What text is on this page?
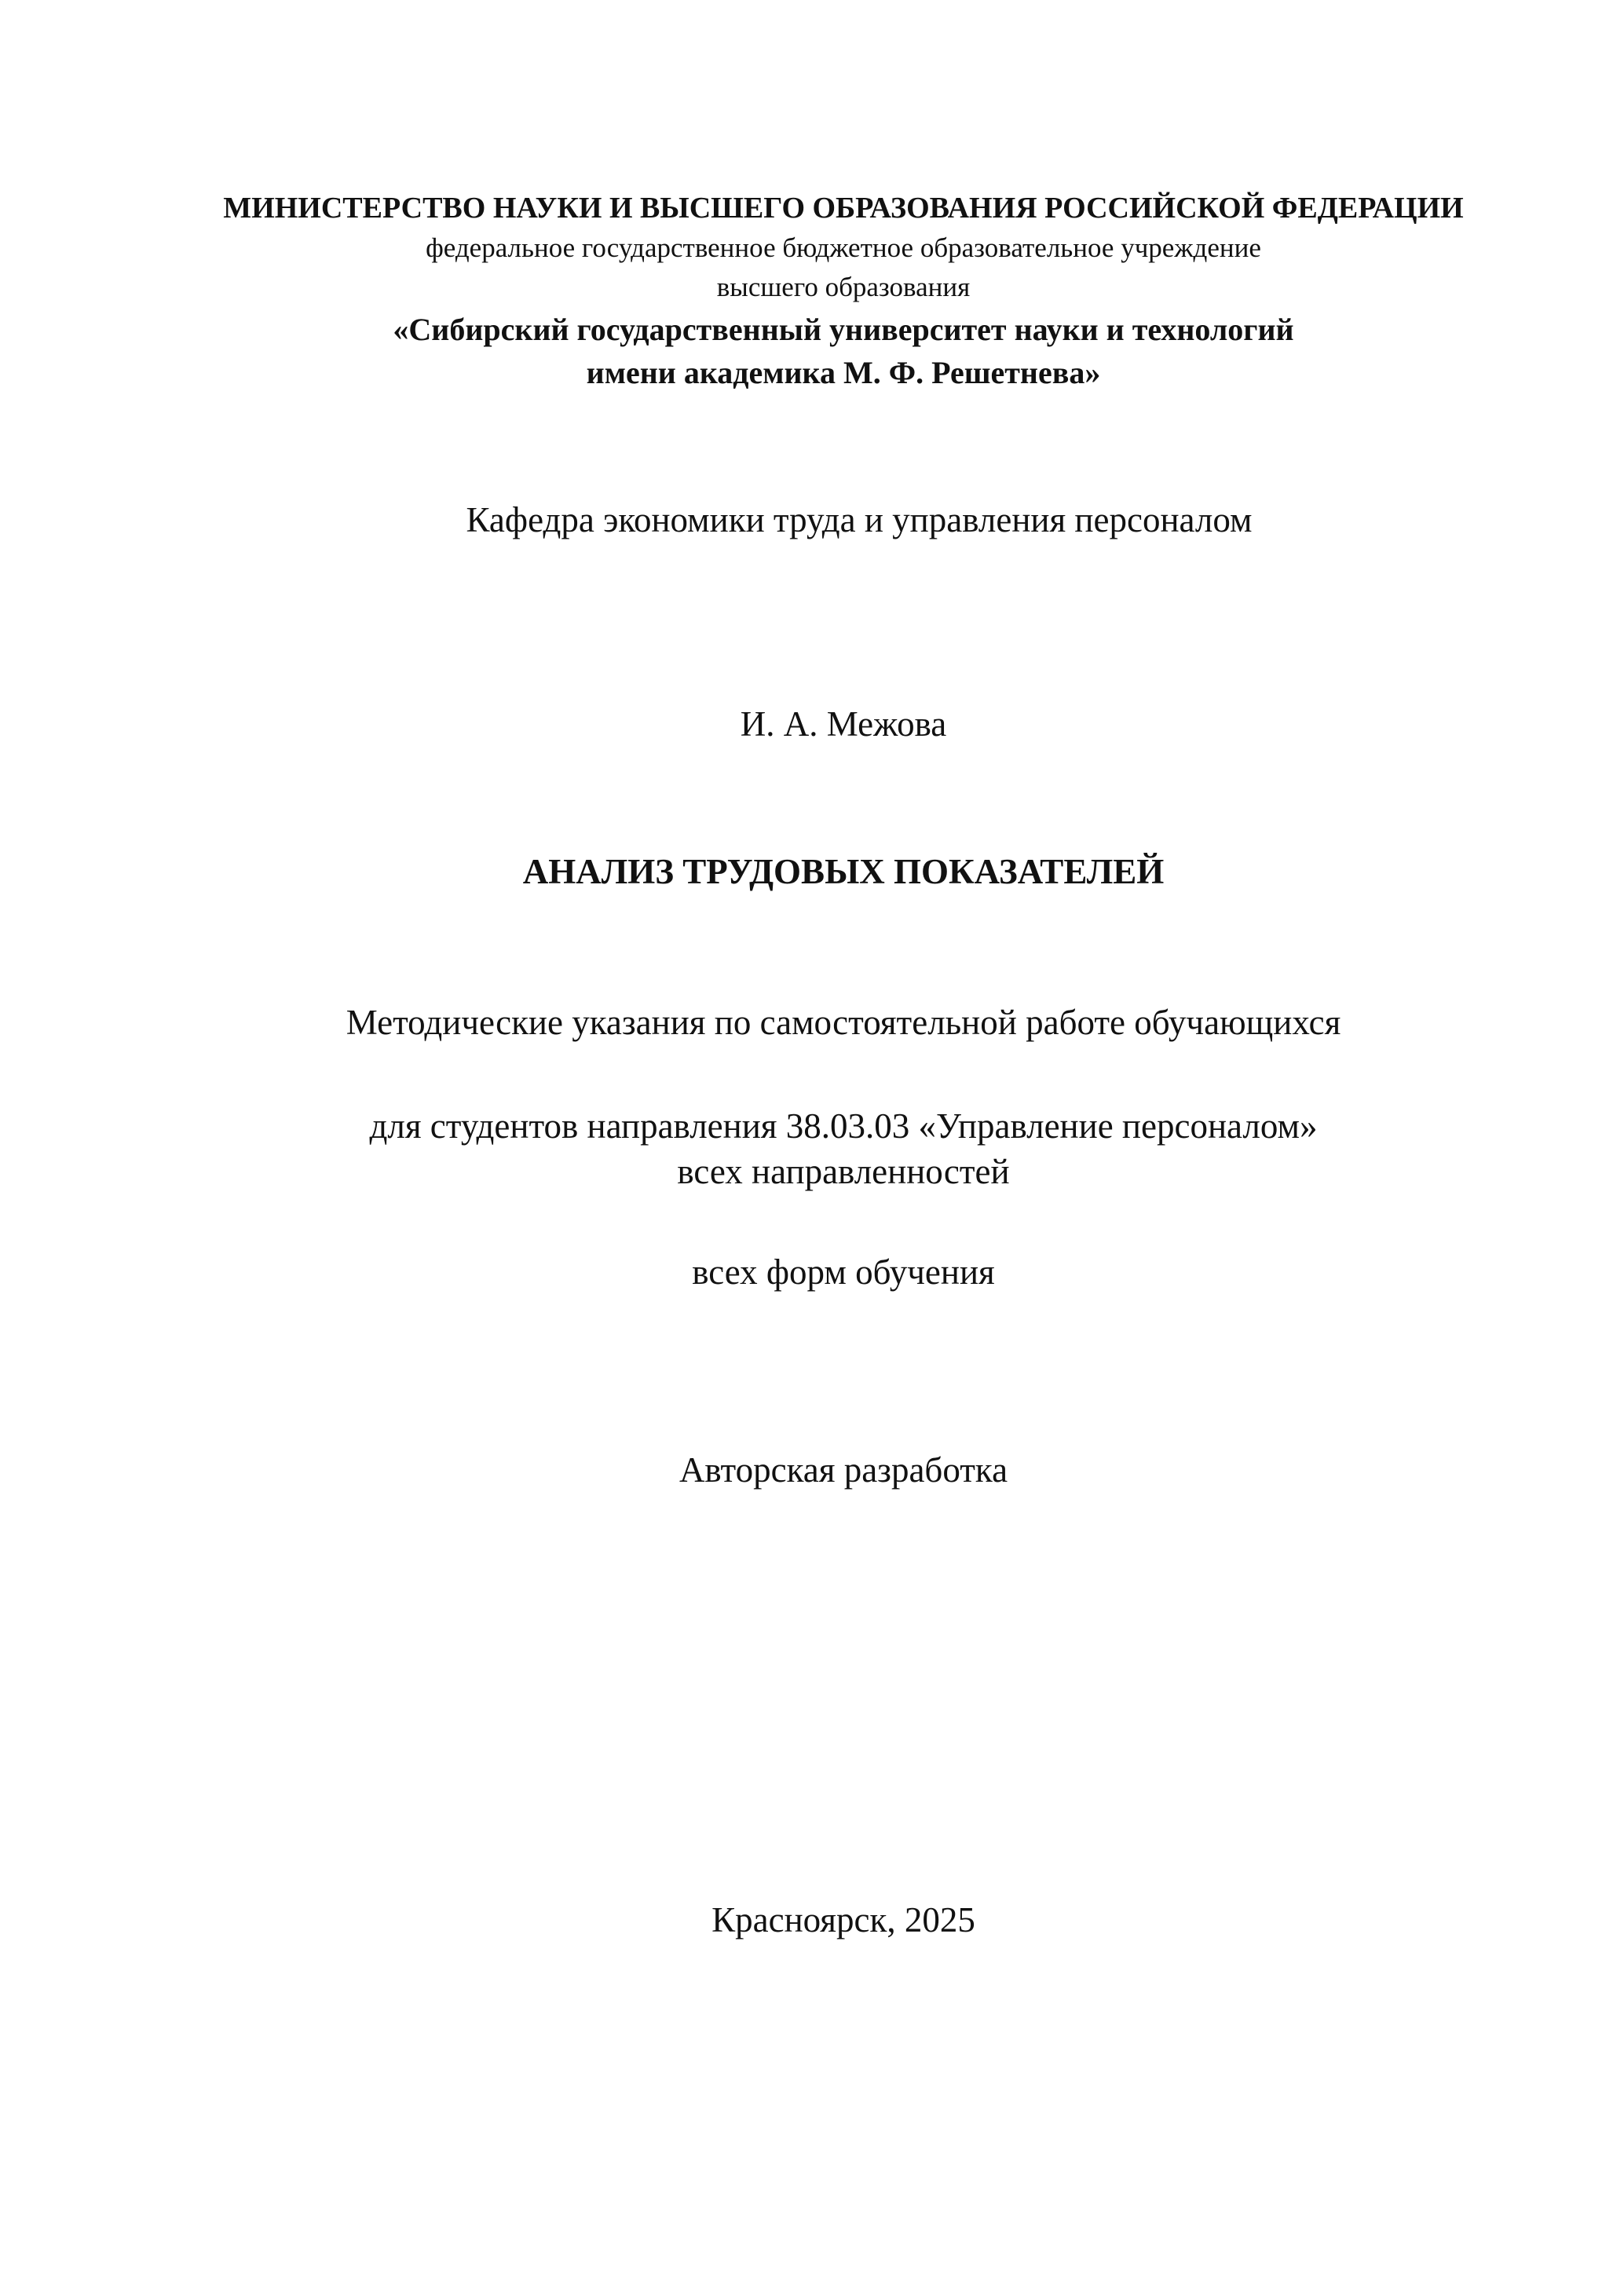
МИНИСТЕРСТВО НАУКИ И ВЫСШЕГО ОБРАЗОВАНИЯ РОССИЙСКОЙ ФЕДЕРАЦИИ
федеральное государственное бюджетное образовательное учреждение
высшего образования
«Сибирский государственный университет науки и технологий
имени академика М. Ф. Решетнева»
Кафедра экономики труда и управления персоналом
И. А. Межова
АНАЛИЗ ТРУДОВЫХ ПОКАЗАТЕЛЕЙ
Методические указания по самостоятельной работе обучающихся
для студентов направления 38.03.03 «Управление персоналом»
всех направленностей
всех форм обучения
Авторская разработка
Красноярск, 2025
